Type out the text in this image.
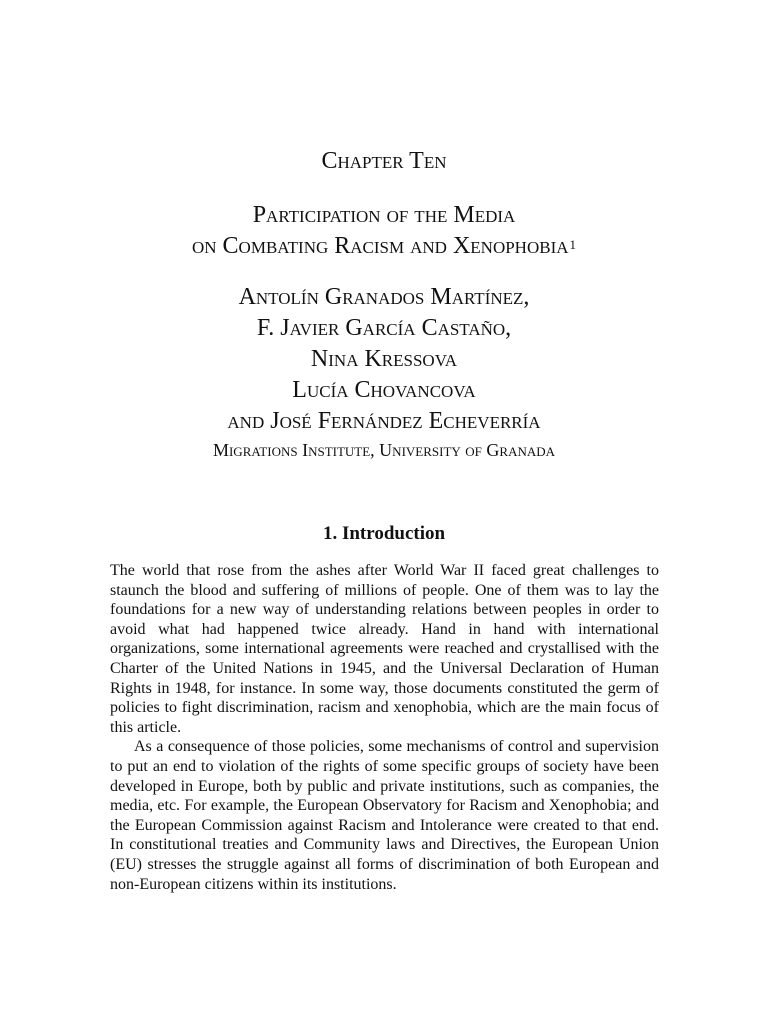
Chapter Ten
Participation of the Media
on Combating Racism and Xenophobia$^1$
Antolín Granados Martínez,
F. Javier García Castaño,
Nina Kressova
Lucía Chovancova
and José Fernández Echeverría
Migrations Institute, University of Granada
1. Introduction

The world that rose from the ashes after World War II faced great challenges to staunch the blood and suffering of millions of people. One of them was to lay the foundations for a new way of understanding relations between peoples in order to avoid what had happened twice already. Hand in hand with international organizations, some international agreements were reached and crystallised with the Charter of the United Nations in 1945, and the Universal Declaration of Human Rights in 1948, for instance. In some way, those documents constituted the germ of policies to fight discrimination, racism and xenophobia, which are the main focus of this article.

As a consequence of those policies, some mechanisms of control and supervision to put an end to violation of the rights of some specific groups of society have been developed in Europe, both by public and private institutions, such as companies, the media, etc. For example, the European Observatory for Racism and Xenophobia; and the European Commission against Racism and Intolerance were created to that end. In constitutional treaties and Community laws and Directives, the European Union (EU) stresses the struggle against all forms of discrimination of both European and non-European citizens within its institutions.
